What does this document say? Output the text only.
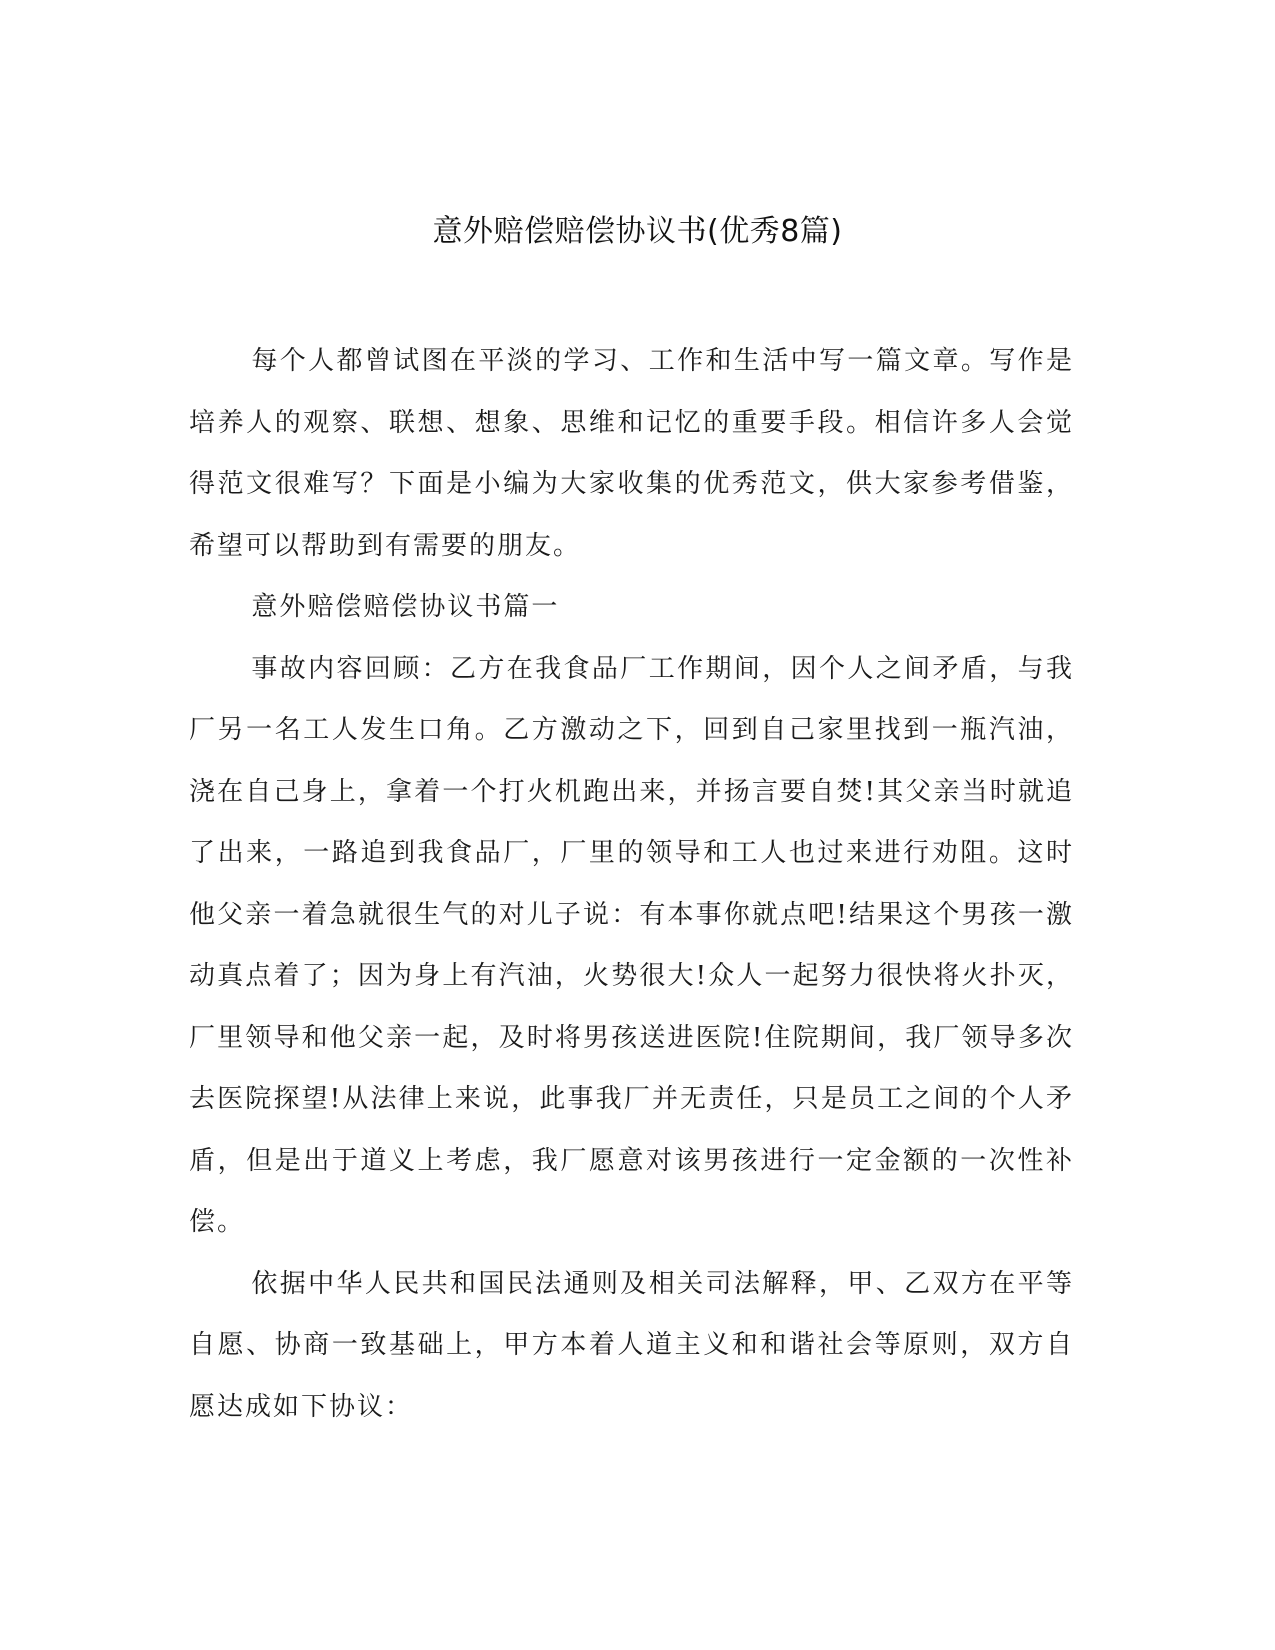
意外赔偿赔偿协议书(优秀8篇)

每个人都曾试图在平淡的学习、工作和生活中写一篇文章。写作是培养人的观察、联想、想象、思维和记忆的重要手段。相信许多人会觉得范文很难写？下面是小编为大家收集的优秀范文，供大家参考借鉴，希望可以帮助到有需要的朋友。

意外赔偿赔偿协议书篇一

事故内容回顾：乙方在我食品厂工作期间，因个人之间矛盾，与我厂另一名工人发生口角。乙方激动之下，回到自己家里找到一瓶汽油，浇在自己身上，拿着一个打火机跑出来，并扬言要自焚!其父亲当时就追了出来，一路追到我食品厂，厂里的领导和工人也过来进行劝阻。这时他父亲一着急就很生气的对儿子说：有本事你就点吧!结果这个男孩一激动真点着了；因为身上有汽油，火势很大!众人一起努力很快将火扑灭，厂里领导和他父亲一起，及时将男孩送进医院!住院期间，我厂领导多次去医院探望!从法律上来说，此事我厂并无责任，只是员工之间的个人矛盾，但是出于道义上考虑，我厂愿意对该男孩进行一定金额的一次性补偿。

依据中华人民共和国民法通则及相关司法解释，甲、乙双方在平等自愿、协商一致基础上，甲方本着人道主义和和谐社会等原则，双方自愿达成如下协议：
